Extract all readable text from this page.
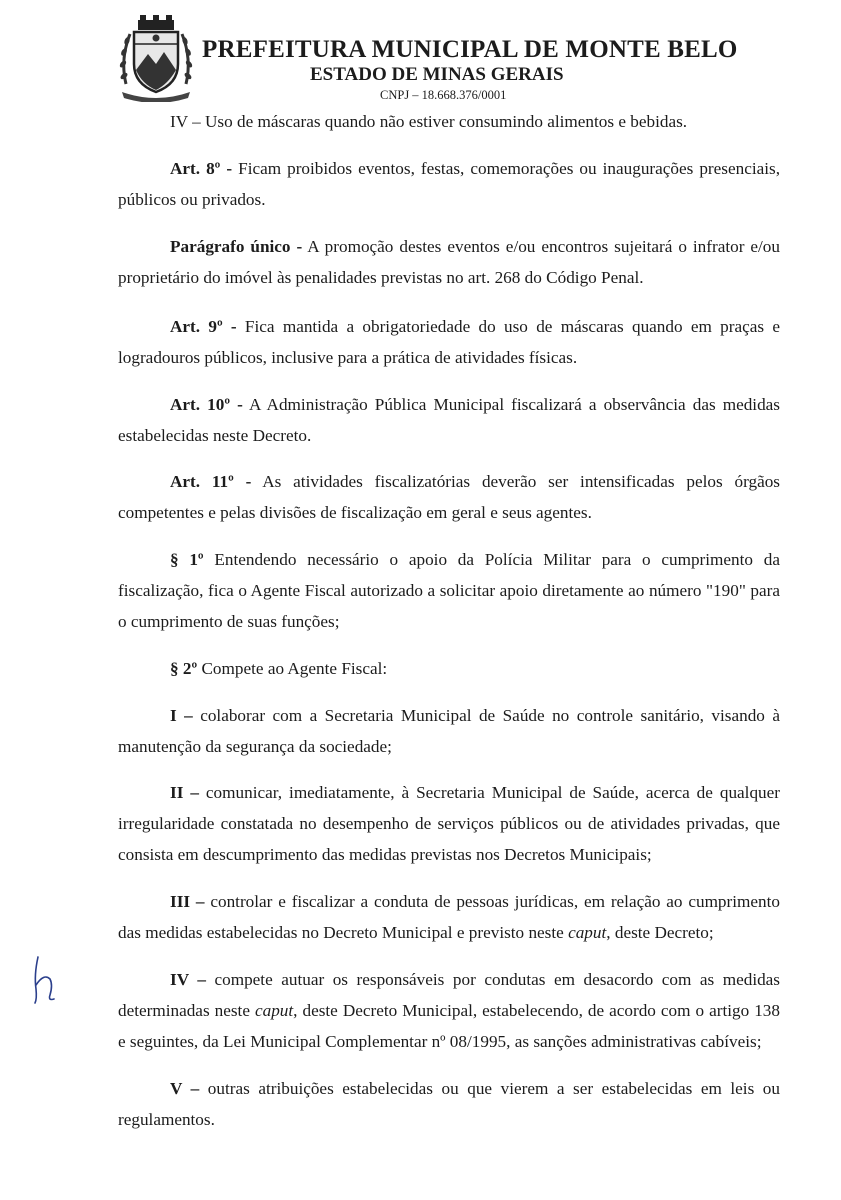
PREFEITURA MUNICIPAL DE MONTE BELO
ESTADO DE MINAS GERAIS
CNPJ – 18.668.376/0001

IV – Uso de máscaras quando não estiver consumindo alimentos e bebidas.

Art. 8º - Ficam proibidos eventos, festas, comemorações ou inaugurações presenciais, públicos ou privados.

Parágrafo único - A promoção destes eventos e/ou encontros sujeitará o infrator e/ou proprietário do imóvel às penalidades previstas no art. 268 do Código Penal.

Art. 9º - Fica mantida a obrigatoriedade do uso de máscaras quando em praças e logradouros públicos, inclusive para a prática de atividades físicas.

Art. 10º - A Administração Pública Municipal fiscalizará a observância das medidas estabelecidas neste Decreto.

Art. 11º - As atividades fiscalizatórias deverão ser intensificadas pelos órgãos competentes e pelas divisões de fiscalização em geral e seus agentes.

§ 1º Entendendo necessário o apoio da Polícia Militar para o cumprimento da fiscalização, fica o Agente Fiscal autorizado a solicitar apoio diretamente ao número "190" para o cumprimento de suas funções;

§ 2º Compete ao Agente Fiscal:

I – colaborar com a Secretaria Municipal de Saúde no controle sanitário, visando à manutenção da segurança da sociedade;

II – comunicar, imediatamente, à Secretaria Municipal de Saúde, acerca de qualquer irregularidade constatada no desempenho de serviços públicos ou de atividades privadas, que consista em descumprimento das medidas previstas nos Decretos Municipais;

III – controlar e fiscalizar a conduta de pessoas jurídicas, em relação ao cumprimento das medidas estabelecidas no Decreto Municipal e previsto neste caput, deste Decreto;

IV – compete autuar os responsáveis por condutas em desacordo com as medidas determinadas neste caput, deste Decreto Municipal, estabelecendo, de acordo com o artigo 138 e seguintes, da Lei Municipal Complementar nº 08/1995, as sanções administrativas cabíveis;

V – outras atribuições estabelecidas ou que vierem a ser estabelecidas em leis ou regulamentos.
